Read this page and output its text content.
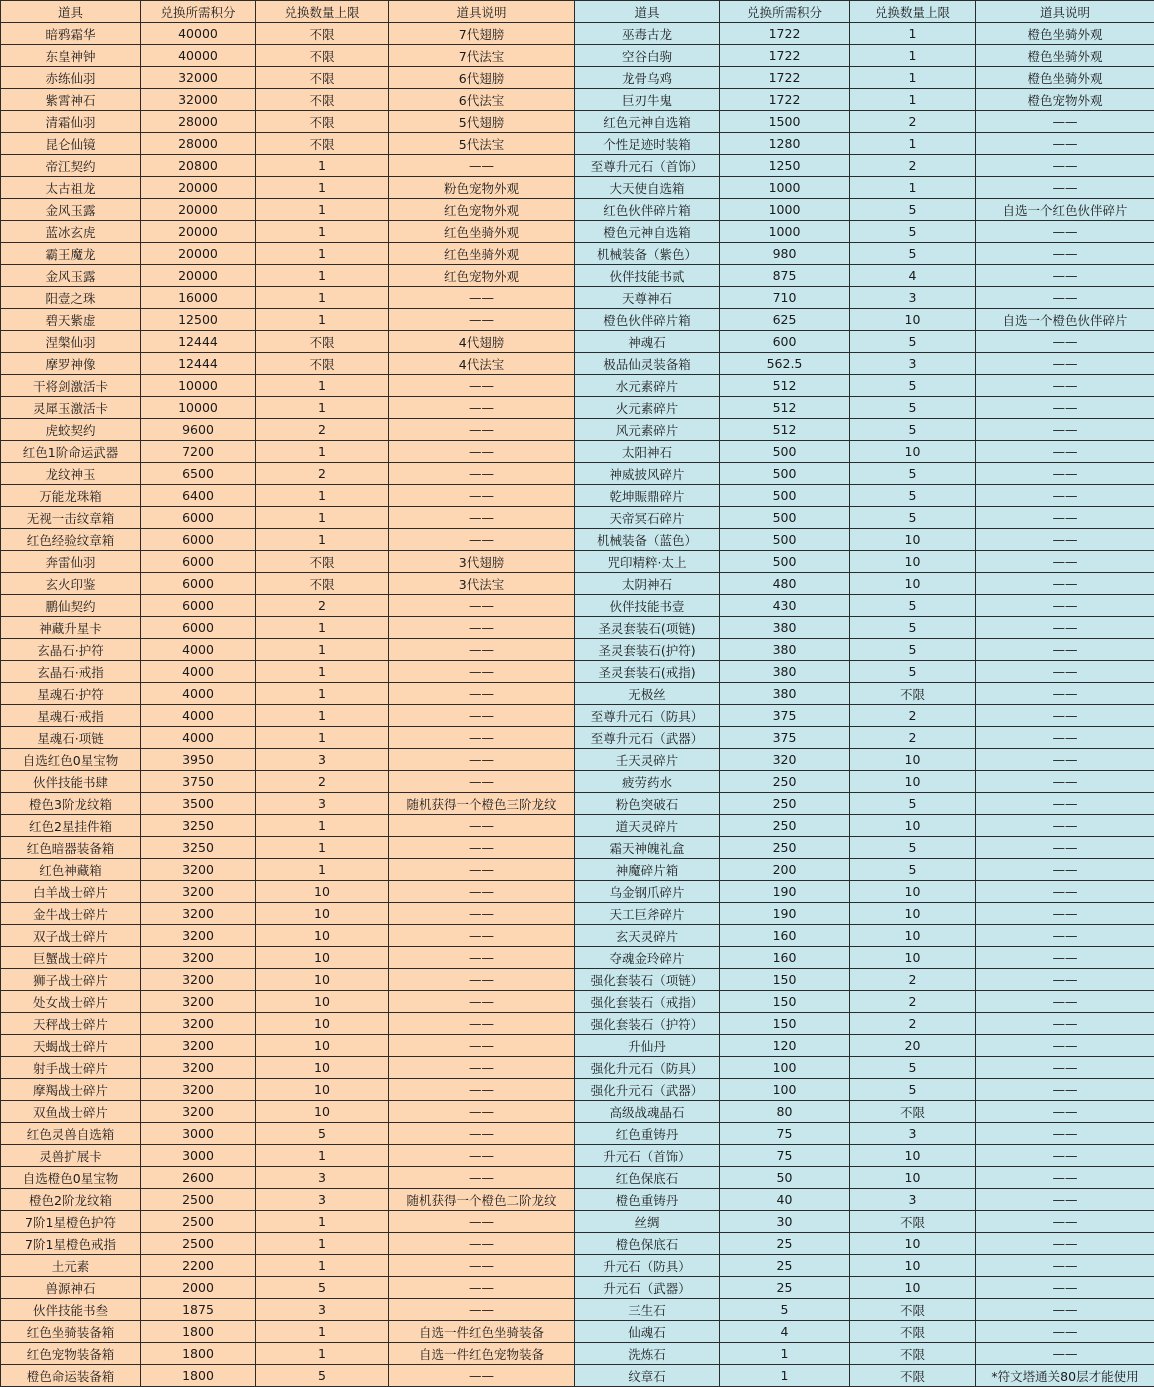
道具	兑换所需积分	兑换数量上限	道具说明	道具	兑换所需积分	兑换数量上限	道具说明
暗鸦霜华	40000	不限	7代翅膀	巫毒古龙	1722	1	橙色坐骑外观
东皇神钟	40000	不限	7代法宝	空谷白驹	1722	1	橙色坐骑外观
赤练仙羽	32000	不限	6代翅膀	龙骨乌鸡	1722	1	橙色坐骑外观
紫霄神石	32000	不限	6代法宝	巨刃牛鬼	1722	1	橙色宠物外观
清霜仙羽	28000	不限	5代翅膀	红色元神自选箱	1500	2	——
昆仑仙镜	28000	不限	5代法宝	个性足迹时装箱	1280	1	——
帝江契约	20800	1	——	至尊升元石（首饰）	1250	2	——
太古祖龙	20000	1	粉色宠物外观	大天使自选箱	1000	1	——
金风玉露	20000	1	红色宠物外观	红色伙伴碎片箱	1000	5	自选一个红色伙伴碎片
蓝冰玄虎	20000	1	红色坐骑外观	橙色元神自选箱	1000	5	——
霸王魔龙	20000	1	红色坐骑外观	机械装备（紫色）	980	5	——
金风玉露	20000	1	红色宠物外观	伙伴技能书贰	875	4	——
阳壹之珠	16000	1	——	天尊神石	710	3	——
碧天紫虚	12500	1	——	橙色伙伴碎片箱	625	10	自选一个橙色伙伴碎片
涅槃仙羽	12444	不限	4代翅膀	神魂石	600	5	——
摩罗神像	12444	不限	4代法宝	极品仙灵装备箱	562.5	3	——
干将剑激活卡	10000	1	——	水元素碎片	512	5	——
灵犀玉激活卡	10000	1	——	火元素碎片	512	5	——
虎蛟契约	9600	2	——	风元素碎片	512	5	——
红色1阶命运武器	7200	1	——	太阳神石	500	10	——
龙纹神玉	6500	2	——	神威披风碎片	500	5	——
万能龙珠箱	6400	1	——	乾坤賑鼎碎片	500	5	——
无视一击纹章箱	6000	1	——	天帝冥石碎片	500	5	——
红色经验纹章箱	6000	1	——	机械装备（蓝色）	500	10	——
奔雷仙羽	6000	不限	3代翅膀	咒印精粹·太上	500	10	——
玄火印鉴	6000	不限	3代法宝	太阴神石	480	10	——
鹏仙契约	6000	2	——	伙伴技能书壹	430	5	——
神藏升星卡	6000	1	——	圣灵套装石(项链)	380	5	——
玄晶石·护符	4000	1	——	圣灵套装石(护符)	380	5	——
玄晶石·戒指	4000	1	——	圣灵套装石(戒指)	380	5	——
星魂石·护符	4000	1	——	无极丝	380	不限	——
星魂石·戒指	4000	1	——	至尊升元石（防具）	375	2	——
星魂石·项链	4000	1	——	至尊升元石（武器）	375	2	——
自选红色0星宝物	3950	3	——	壬天灵碎片	320	10	——
伙伴技能书肆	3750	2	——	疲劳药水	250	10	——
橙色3阶龙纹箱	3500	3	随机获得一个橙色三阶龙纹	粉色突破石	250	5	——
红色2星挂件箱	3250	1	——	道天灵碎片	250	10	——
红色暗器装备箱	3250	1	——	霜天神魄礼盒	250	5	——
红色神藏箱	3200	1	——	神魔碎片箱	200	5	——
白羊战士碎片	3200	10	——	乌金钢爪碎片	190	10	——
金牛战士碎片	3200	10	——	天工巨斧碎片	190	10	——
双子战士碎片	3200	10	——	玄天灵碎片	160	10	——
巨蟹战士碎片	3200	10	——	夺魂金玲碎片	160	10	——
狮子战士碎片	3200	10	——	强化套装石（项链）	150	2	——
处女战士碎片	3200	10	——	强化套装石（戒指）	150	2	——
天秤战士碎片	3200	10	——	强化套装石（护符）	150	2	——
天蝎战士碎片	3200	10	——	升仙丹	120	20	——
射手战士碎片	3200	10	——	强化升元石（防具）	100	5	——
摩羯战士碎片	3200	10	——	强化升元石（武器）	100	5	——
双鱼战士碎片	3200	10	——	高级战魂晶石	80	不限	——
红色灵兽自选箱	3000	5	——	红色重铸丹	75	3	——
灵兽扩展卡	3000	1	——	升元石（首饰）	75	10	——
自选橙色0星宝物	2600	3	——	红色保底石	50	10	——
橙色2阶龙纹箱	2500	3	随机获得一个橙色二阶龙纹	橙色重铸丹	40	3	——
7阶1星橙色护符	2500	1	——	丝绸	30	不限	——
7阶1星橙色戒指	2500	1	——	橙色保底石	25	10	——
土元素	2200	1	——	升元石（防具）	25	10	——
兽源神石	2000	5	——	升元石（武器）	25	10	——
伙伴技能书叁	1875	3	——	三生石	5	不限	——
红色坐骑装备箱	1800	1	自选一件红色坐骑装备	仙魂石	4	不限	——
红色宠物装备箱	1800	1	自选一件红色宠物装备	洗炼石	1	不限	——
橙色命运装备箱	1800	5	——	纹章石	1	不限	*符文塔通关80层才能使用
